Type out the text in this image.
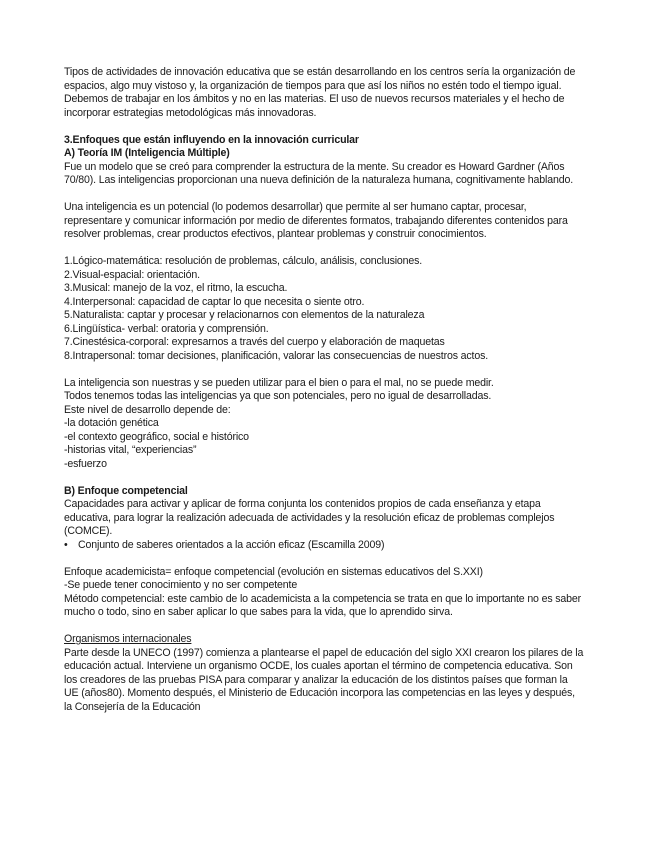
Tipos de actividades de innovación educativa que se están desarrollando en los centros sería la organización de espacios, algo muy vistoso y, la organización de tiempos para que así los niños no estén todo el tiempo igual. Debemos de trabajar en los ámbitos y no en las materias. El uso de nuevos recursos materiales y el hecho de incorporar estrategias metodológicas más innovadoras.

3.Enfoques que están influyendo en la innovación curricular

A) Teoría IM (Inteligencia Múltiple)

Fue un modelo que se creó para comprender la estructura de la mente. Su creador es Howard Gardner (Años 70/80). Las inteligencias proporcionan una nueva definición de la naturaleza humana, cognitivamente hablando.

Una inteligencia es un potencial (lo podemos desarrollar) que permite al ser humano captar, procesar, representare y comunicar información por medio de diferentes formatos, trabajando diferentes contenidos para resolver problemas, crear productos efectivos, plantear problemas y construir conocimientos.

1.Lógico-matemática: resolución de problemas, cálculo, análisis, conclusiones.

2.Visual-espacial: orientación.

3.Musical: manejo de la voz, el ritmo, la escucha.

4.Interpersonal: capacidad de captar lo que necesita o siente otro.

5.Naturalista: captar y procesar y relacionarnos con elementos de la naturaleza

6.Lingüística- verbal: oratoria y comprensión.

7.Cinestésica-corporal: expresarnos a través del cuerpo y elaboración de maquetas

8.Intrapersonal: tomar decisiones, planificación, valorar las consecuencias de nuestros actos.

La inteligencia son nuestras y se pueden utilizar para el bien o para el mal, no se puede medir.

Todos tenemos todas las inteligencias ya que son potenciales, pero no igual de desarrolladas.

Este nivel de desarrollo depende de:

-la dotación genética

-el contexto geográfico, social e histórico

-historias vital, “experiencias”

-esfuerzo

B) Enfoque competencial

Capacidades para activar y aplicar de forma conjunta los contenidos propios de cada enseñanza y etapa educativa, para lograr la realización adecuada de actividades y la resolución eficaz de problemas complejos (COMCE).

• Conjunto de saberes orientados a la acción eficaz (Escamilla 2009)

Enfoque academicista= enfoque competencial (evolución en sistemas educativos del S.XXI)

-Se puede tener conocimiento y no ser competente

Método competencial: este cambio de lo academicista a la competencia se trata en que lo importante no es saber mucho o todo, sino en saber aplicar lo que sabes para la vida, que lo aprendido sirva.

Organismos internacionales

Parte desde la UNECO (1997) comienza a plantearse el papel de educación del siglo XXI crearon los pilares de la educación actual. Interviene un organismo OCDE, los cuales aportan el término de competencia educativa. Son los creadores de las pruebas PISA para comparar y analizar la educación de los distintos países que forman la UE (años80). Momento después, el Ministerio de Educación incorpora las competencias en las leyes y después, la Consejería de la Educación
